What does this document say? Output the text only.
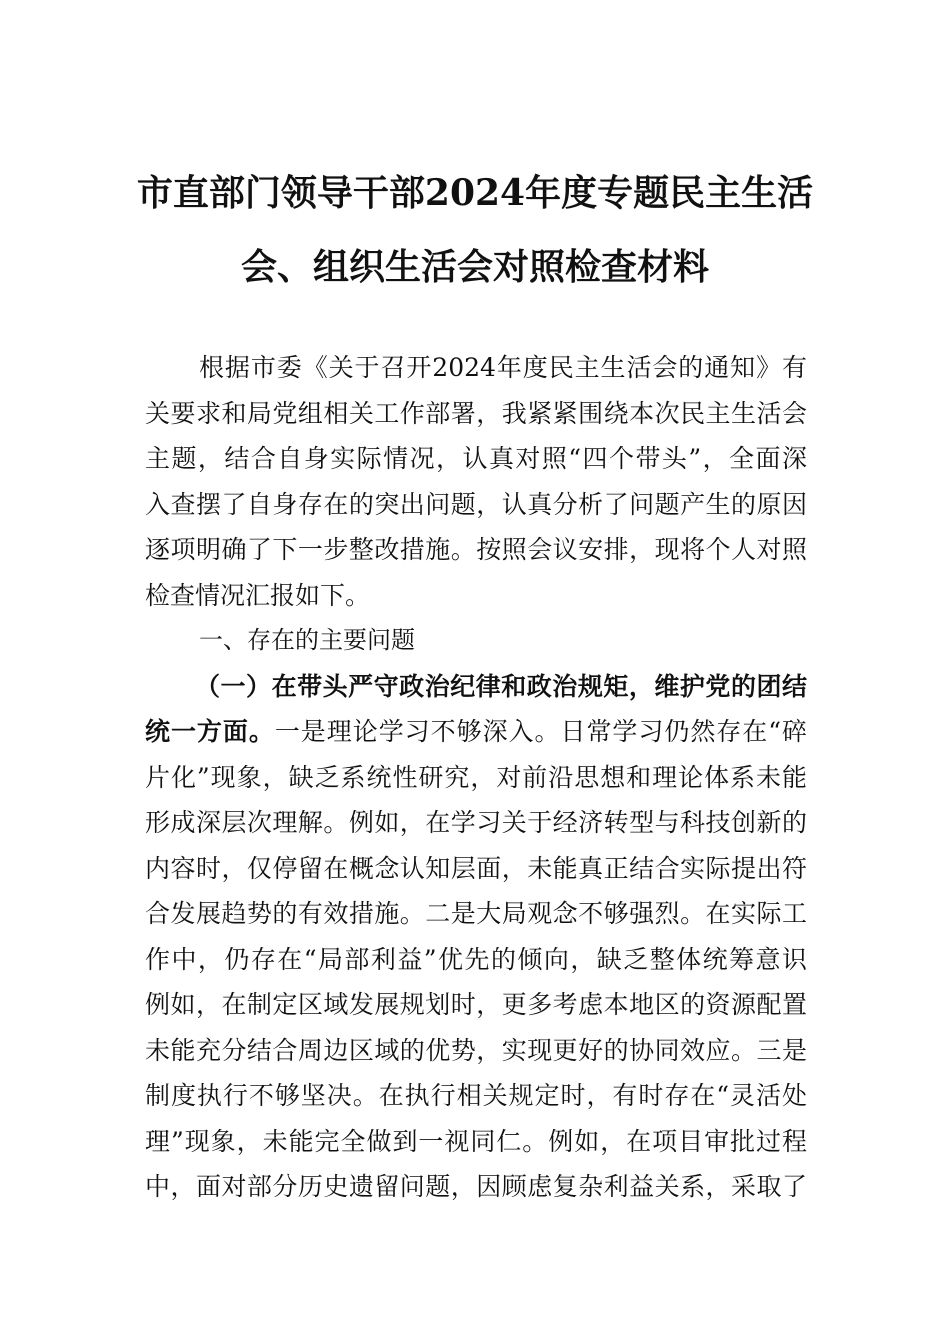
市直部门领导干部2024年度专题民主生活
会、组织生活会对照检查材料
根据市委《关于召开2024年度民主生活会的通知》有
关要求和局党组相关工作部署，我紧紧围绕本次民主生活会
主题，结合自身实际情况，认真对照“四个带头”，全面深
入查摆了自身存在的突出问题，认真分析了问题产生的原因
逐项明确了下一步整改措施。按照会议安排，现将个人对照
检查情况汇报如下。
一、存在的主要问题
（一）在带头严守政治纪律和政治规矩，维护党的团结
统一方面。一是理论学习不够深入。日常学习仍然存在“碎
片化”现象，缺乏系统性研究，对前沿思想和理论体系未能
形成深层次理解。例如，在学习关于经济转型与科技创新的
内容时，仅停留在概念认知层面，未能真正结合实际提出符
合发展趋势的有效措施。二是大局观念不够强烈。在实际工
作中，仍存在“局部利益”优先的倾向，缺乏整体统筹意识
例如，在制定区域发展规划时，更多考虑本地区的资源配置
未能充分结合周边区域的优势，实现更好的协同效应。三是
制度执行不够坚决。在执行相关规定时，有时存在“灵活处
理”现象，未能完全做到一视同仁。例如，在项目审批过程
中，面对部分历史遗留问题，因顾虑复杂利益关系，采取了
